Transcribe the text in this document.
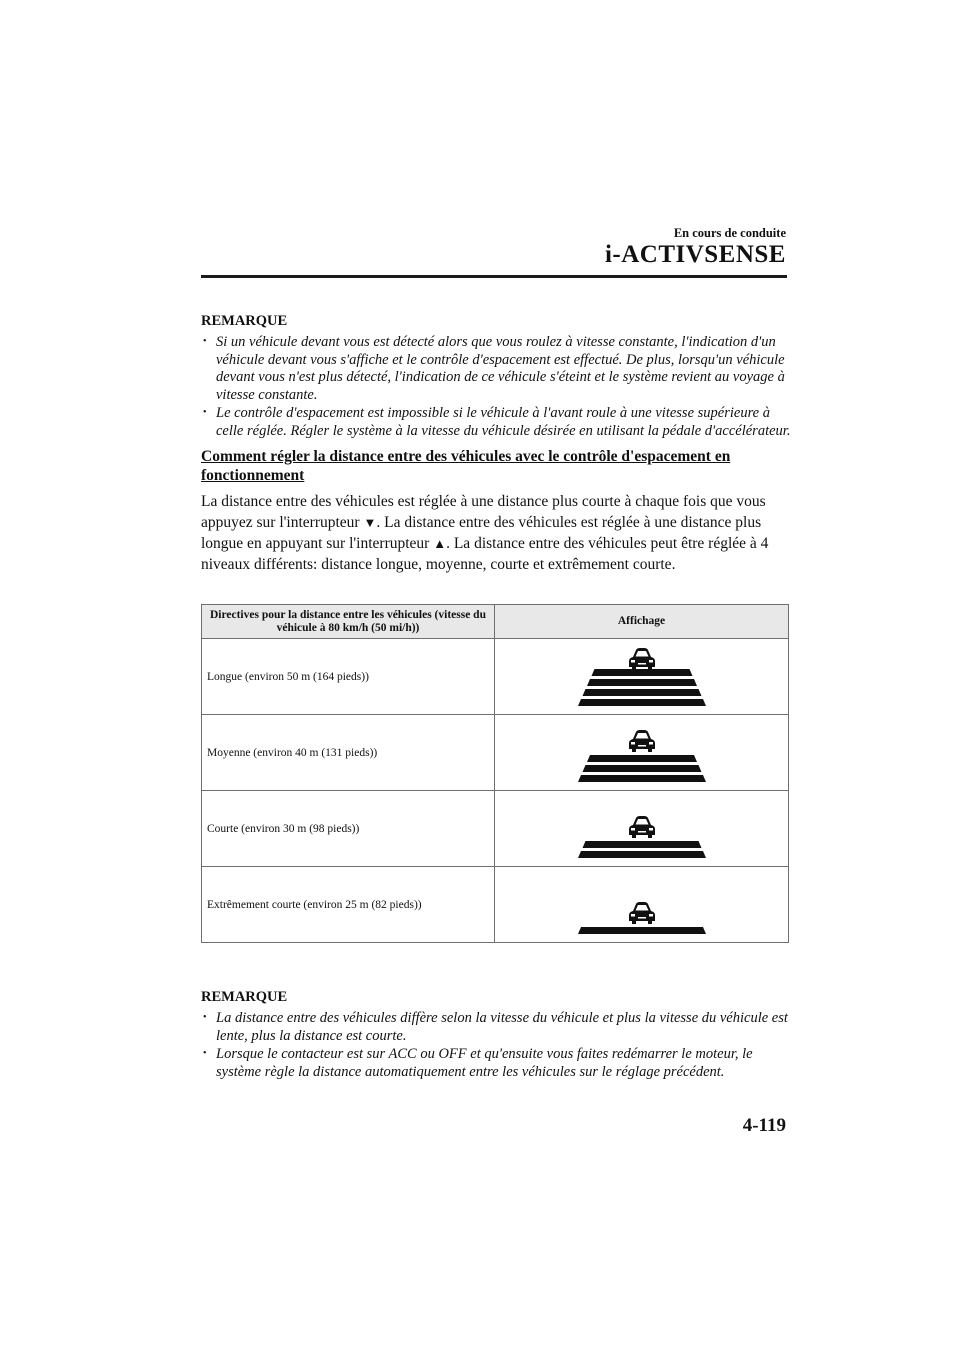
En cours de conduite
i-ACTIVSENSE
REMARQUE
• Si un véhicule devant vous est détecté alors que vous roulez à vitesse constante, l'indication d'un véhicule devant vous s'affiche et le contrôle d'espacement est effectué. De plus, lorsqu'un véhicule devant vous n'est plus détecté, l'indication de ce véhicule s'éteint et le système revient au voyage à vitesse constante.
• Le contrôle d'espacement est impossible si le véhicule à l'avant roule à une vitesse supérieure à celle réglée. Régler le système à la vitesse du véhicule désirée en utilisant la pédale d'accélérateur.
Comment régler la distance entre des véhicules avec le contrôle d'espacement en fonctionnement

La distance entre des véhicules est réglée à une distance plus courte à chaque fois que vous appuyez sur l'interrupteur ▼. La distance entre des véhicules est réglée à une distance plus longue en appuyant sur l'interrupteur ▲. La distance entre des véhicules peut être réglée à 4 niveaux différents: distance longue, moyenne, courte et extrêmement courte.

Directives pour la distance entre les véhicules (vitesse du véhicule à 80 km/h (50 mi/h))	Affichage
Longue (environ 50 m (164 pieds))	

Moyenne (environ 40 m (131 pieds))	

Courte (environ 30 m (98 pieds))	

Extrêmement courte (environ 25 m (82 pieds))	
REMARQUE
• La distance entre des véhicules diffère selon la vitesse du véhicule et plus la vitesse du véhicule est lente, plus la distance est courte.
• Lorsque le contacteur est sur ACC ou OFF et qu'ensuite vous faites redémarrer le moteur, le système règle la distance automatiquement entre les véhicules sur le réglage précédent.
4-119
